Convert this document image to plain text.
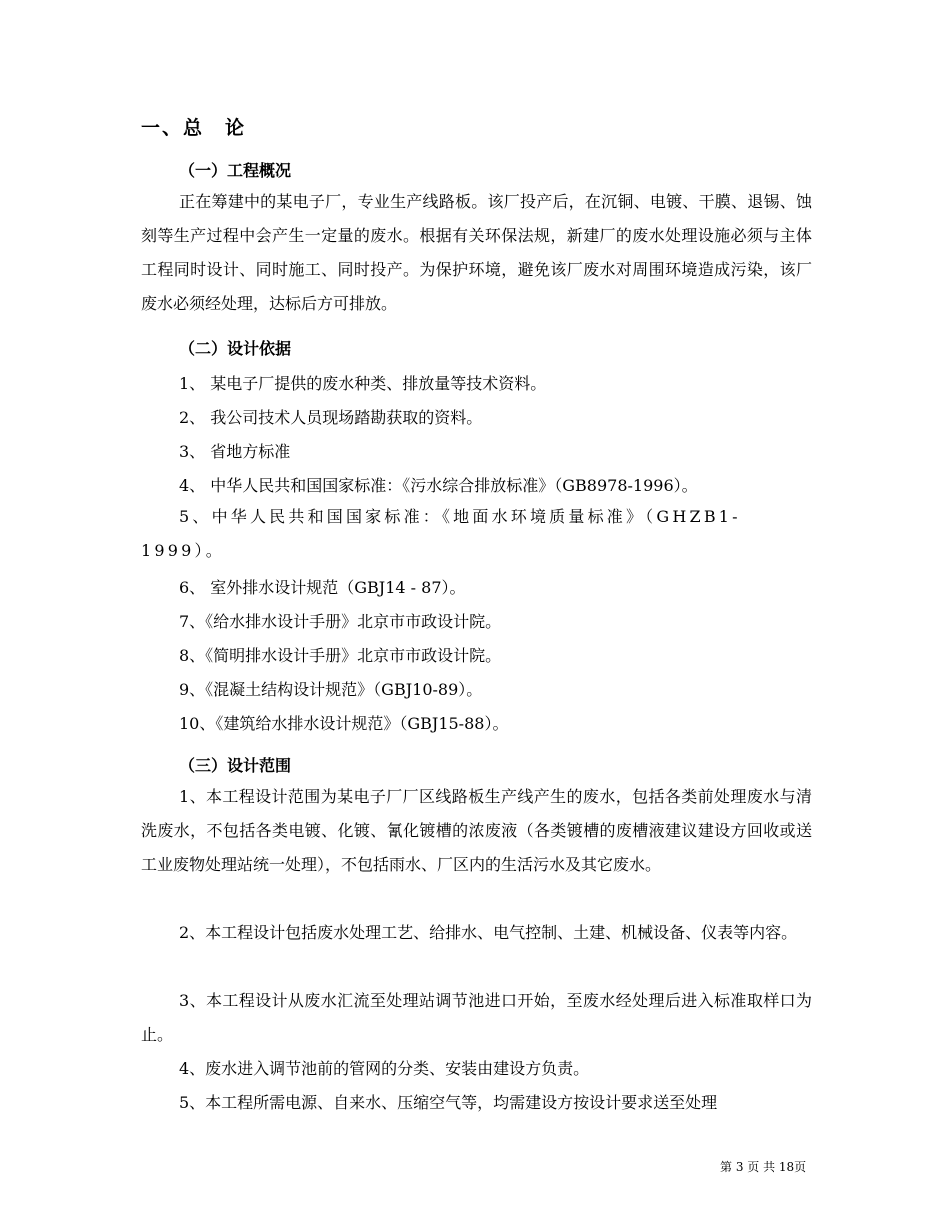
一、总　论
（一）工程概况

正在筹建中的某电子厂，专业生产线路板。该厂投产后，在沉铜、电镀、干膜、退锡、蚀刻等生产过程中会产生一定量的废水。根据有关环保法规，新建厂的废水处理设施必须与主体工程同时设计、同时施工、同时投产。为保护环境，避免该厂废水对周围环境造成污染，该厂废水必须经处理，达标后方可排放。

（二）设计依据
1、 某电子厂提供的废水种类、排放量等技术资料。
2、 我公司技术人员现场踏勘获取的资料。
3、 省地方标准
4、 中华人民共和国国家标准：《污水综合排放标准》（GB8978-1996）。

5、中华人民共和国国家标准：《地面水环境质量标准》（GHZB1-1999）。

6、 室外排水设计规范（GBJ14 - 87）。
7、《给水排水设计手册》北京市市政设计院。
8、《简明排水设计手册》北京市市政设计院。
9、《混凝土结构设计规范》（GBJ10-89）。
10、《建筑给水排水设计规范》（GBJ15-88）。
（三）设计范围

1、本工程设计范围为某电子厂厂区线路板生产线产生的废水，包括各类前处理废水与清洗废水，不包括各类电镀、化镀、氰化镀槽的浓废液（各类镀槽的废槽液建议建设方回收或送工业废物处理站统一处理），不包括雨水、厂区内的生活污水及其它废水。

2、本工程设计包括废水处理工艺、给排水、电气控制、土建、机械设备、仪表等内容。

3、本工程设计从废水汇流至处理站调节池进口开始，至废水经处理后进入标准取样口为止。

4、废水进入调节池前的管网的分类、安装由建设方负责。

5、本工程所需电源、自来水、压缩空气等，均需建设方按设计要求送至处理

第 3 页 共 18页
